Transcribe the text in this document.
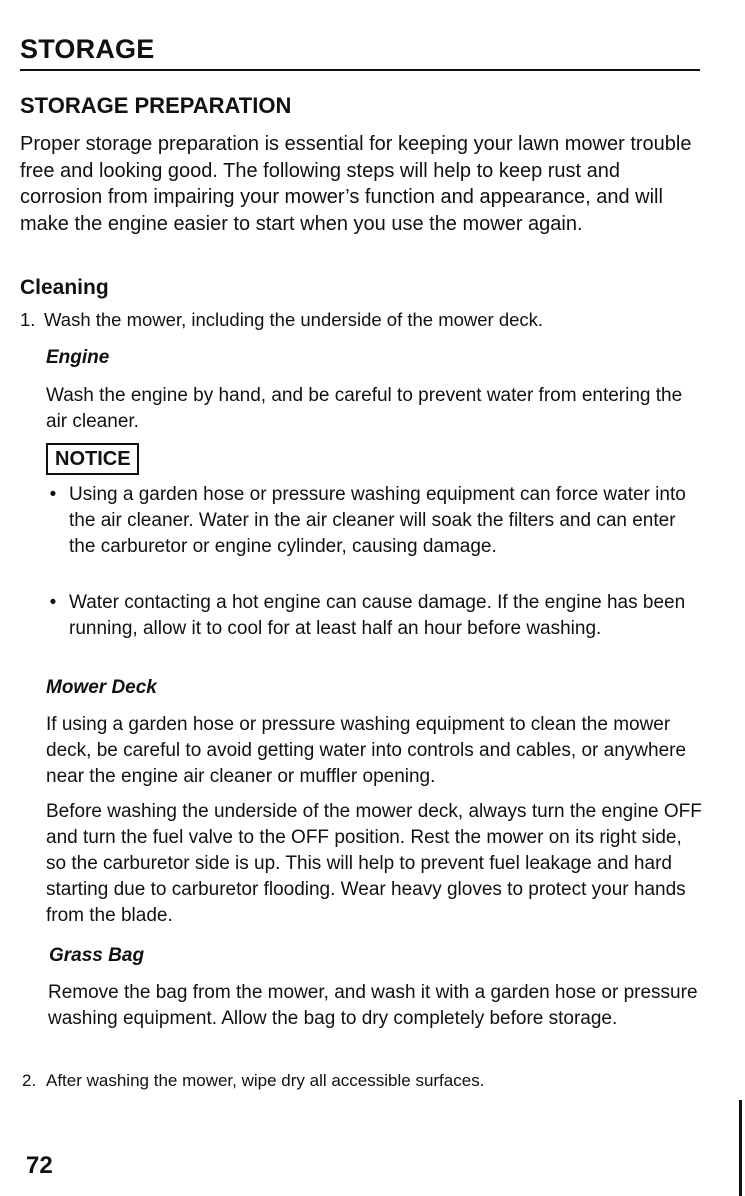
STORAGE
STORAGE PREPARATION

Proper storage preparation is essential for keeping your lawn mower trouble free and looking good. The following steps will help to keep rust and corrosion from impairing your mower’s function and appearance, and will make the engine easier to start when you use the mower again.

Cleaning

1. Wash the mower, including the underside of the mower deck.

Engine

Wash the engine by hand, and be careful to prevent water from entering the air cleaner.

NOTICE
• Using a garden hose or pressure washing equipment can force water into the air cleaner. Water in the air cleaner will soak the filters and can enter the carburetor or engine cylinder, causing damage.
• Water contacting a hot engine can cause damage. If the engine has been running, allow it to cool for at least half an hour before washing.
Mower Deck

If using a garden hose or pressure washing equipment to clean the mower deck, be careful to avoid getting water into controls and cables, or anywhere near the engine air cleaner or muffler opening.

Before washing the underside of the mower deck, always turn the engine OFF and turn the fuel valve to the OFF position. Rest the mower on its right side, so the carburetor side is up. This will help to prevent fuel leakage and hard starting due to carburetor flooding. Wear heavy gloves to protect your hands from the blade.

Grass Bag

Remove the bag from the mower, and wash it with a garden hose or pressure washing equipment. Allow the bag to dry completely before storage.

2. After washing the mower, wipe dry all accessible surfaces.

72
